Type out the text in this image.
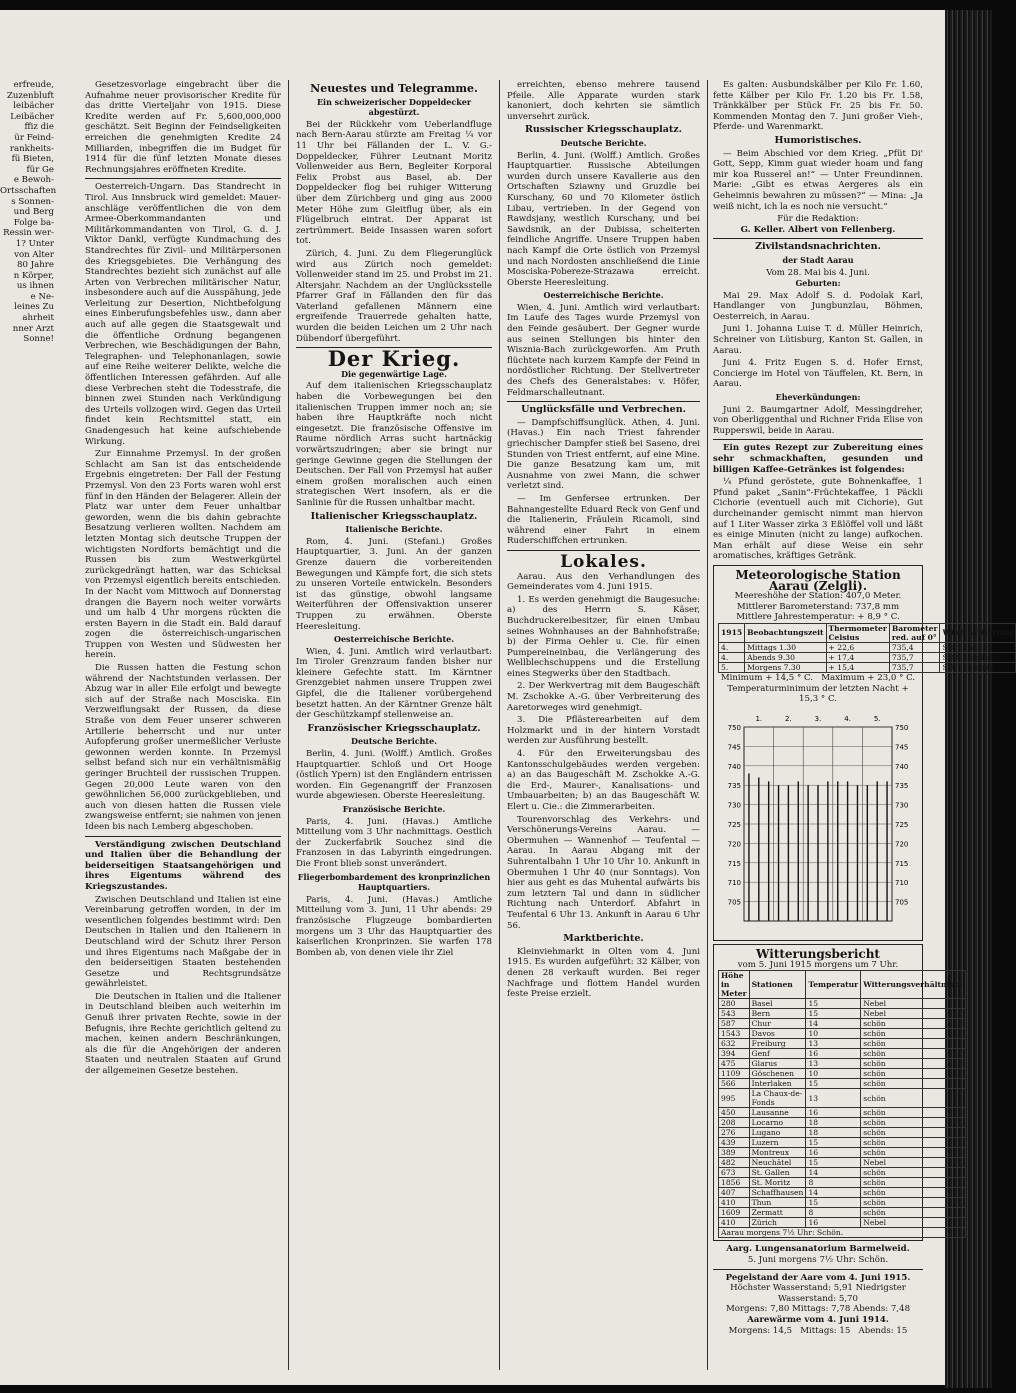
erfreude,
Zuzenbluft
leibächer
Leibächer
ffiz die
ür Feind-
rankheits-
fü Bieten,
für Ge
e Bewoh-
Ortsschaften
s Sonnen-
und Berg
Folge ba-
Ressin wer-
1? Unter
von Alter
80 Jahre
n Körper,
us ihnen
e Ne-
leines Zu
ahrheit
nner Arzt
Sonne!

Gesetzesvorlage eingebracht über die Aufnahme neuer provisorischer Kredite für das dritte Vierteljahr von 1915. Diese Kredite werden auf Fr. 5,600,000,000 geschätzt. Seit Beginn der Feindseligkeiten erreichen die genehmigten Kredite 24 Milliarden, inbegriffen die im Budget für 1914 für die fünf letzten Monate dieses Rechnungsjahres eröffneten Kredite.

Oesterreich-Ungarn. Das Standrecht in Tirol. Aus Innsbruck wird gemeldet: Mauer-anschläge veröffentlichen die von dem Armee-Oberkommandanten und Militärkommandanten von Tirol, G. d. J. Viktor Dankl, verfügte Kundmachung des Standrechtes für Zivil- und Militärpersonen des Kriegsgebietes. Die Verhängung des Standrechtes bezieht sich zunächst auf alle Arten von Verbrechen militärischer Natur, insbesondere auch auf die Ausspähung, jede Verleitung zur Desertion, Nichtbefolgung eines Einberufungsbefehles usw., dann aber auch auf alle gegen die Staatsgewalt und die öffentliche Ordnung begangenen Verbrechen, wie Beschädigungen der Bahn, Telegraphen- und Telephonanlagen, sowie auf eine Reihe weiterer Delikte, welche die öffentlichen Interessen gefährden. Auf alle diese Verbrechen steht die Todesstrafe, die binnen zwei Stunden nach Verkündigung des Urteils vollzogen wird. Gegen das Urteil findet kein Rechtsmittel statt, ein Gnadengesuch hat keine aufschiebende Wirkung.

Zur Einnahme Przemysl. In der großen Schlacht am San ist das entscheidende Ergebnis eingetreten: Der Fall der Festung Przemysl. Von den 23 Forts waren wohl erst fünf in den Händen der Belagerer. Allein der Platz war unter dem Feuer unhaltbar geworden, wenn die bis dahin gebrachte Besatzung verlieren wollten. Nachdem am letzten Montag sich deutsche Truppen der wichtigsten Nordforts bemächtigt und die Russen bis zum Westwerkgürtel zurückgedrängt hatten, war das Schicksal von Przemysl eigentlich bereits entschieden. In der Nacht vom Mittwoch auf Donnerstag drangen die Bayern noch weiter vorwärts und um halb 4 Uhr morgens rückten die ersten Bayern in die Stadt ein. Bald darauf zogen die österreichisch-ungarischen Truppen von Westen und Südwesten her herein.

Die Russen hatten die Festung schon während der Nachtstunden verlassen. Der Abzug war in aller Eile erfolgt und bewegte sich auf der Straße nach Mosciska. Ein Verzweiflungsakt der Russen, da diese Straße von dem Feuer unserer schweren Artillerie beherrscht und nur unter Aufopferung großer unermeßlicher Verluste gewonnen werden konnte. In Przemysl selbst befand sich nur ein verhältnismäßig geringer Bruchteil der russischen Truppen. Gegen 20,000 Leute waren von den gewöhnlichen 56,000 zurückgeblieben, und auch von diesen hatten die Russen viele zwangsweise entfernt; sie nahmen von jenen Ideen bis nach Lemberg abgeschoben.

Verständigung zwischen Deutschland und Italien über die Behandlung der beiderseitigen Staatsangehörigen und ihres Eigentums während des Kriegszustandes.

Zwischen Deutschland und Italien ist eine Vereinbarung getroffen worden, in der im wesentlichen folgendes bestimmt wird: Den Deutschen in Italien und den Italienern in Deutschland wird der Schutz ihrer Person und ihres Eigentums nach Maßgabe der in den beiderseitigen Staaten bestehenden Gesetze und Rechtsgrundsätze gewährleistet.

Die Deutschen in Italien und die Italiener in Deutschland bleiben auch weiterhin im Genuß ihrer privaten Rechte, sowie in der Befugnis, ihre Rechte gerichtlich geltend zu machen, keinen andern Beschränkungen, als die für die Angehörigen der anderen Staaten und neutralen Staaten auf Grund der allgemeinen Gesetze bestehen.

Neuestes und Telegramme.
Ein schweizerischer Doppeldecker abgestürzt.

Bei der Rückkehr vom Ueberlandfluge nach Bern-Aarau stürzte am Freitag ¼ vor 11 Uhr bei Fällanden der L. V. G.-Doppeldecker, Führer Leutnant Moritz Vollenweider aus Bern, Begleiter Korporal Felix Probst aus Basel, ab. Der Doppeldecker flog bei ruhiger Witterung über dem Zürichberg und ging aus 2000 Meter Höhe zum Gleitflug über, als ein Flügelbruch eintrat. Der Apparat ist zertrümmert. Beide Insassen waren sofort tot.

Zürich, 4. Juni. Zu dem Fliegerunglück wird aus Zürich noch gemeldet: Vollenweider stand im 25. und Probst im 21. Altersjahr. Nachdem an der Unglücksstelle Pfarrer Graf in Fällanden den für das Vaterland gefallenen Männern eine ergreifende Trauerrede gehalten hatte, wurden die beiden Leichen um 2 Uhr nach Dübendorf übergeführt.

Der Krieg.
Die gegenwärtige Lage.

Auf dem italienischen Kriegsschauplatz haben die Vorbewegungen bei den italienischen Truppen immer noch an; sie haben ihre Hauptkräfte noch nicht eingesetzt. Die französische Offensive im Raume nördlich Arras sucht hartnäckig vorwärtszudringen; aber sie bringt nur geringe Gewinne gegen die Stellungen der Deutschen. Der Fall von Przemysl hat außer einem großen moralischen auch einen strategischen Wert insofern, als er die Sanlinie für die Russen unhaltbar macht.

Italienischer Kriegsschauplatz.
Italienische Berichte.

Rom, 4. Juni. (Stefani.) Großes Hauptquartier, 3. Juni. An der ganzen Grenze dauern die vorbereitenden Bewegungen und Kämpfe fort, die sich stets zu unseren Vorteile entwickeln. Besonders ist das günstige, obwohl langsame Weiterführen der Offensivaktion unserer Truppen zu erwähnen. Oberste Heeresleitung.

Oesterreichische Berichte.

Wien, 4. Juni. Amtlich wird verlautbart: Im Tiroler Grenzraum fanden bisher nur kleinere Gefechte statt. Im Kärntner Grenzgebiet nahmen unsere Truppen zwei Gipfel, die die Italiener vorübergehend besetzt hatten. An der Kärntner Grenze hält der Geschützkampf stellenweise an.

Französischer Kriegsschauplatz.
Deutsche Berichte.

Berlin, 4. Juni. (Wolff.) Amtlich. Großes Hauptquartier. Schloß und Ort Hooge (östlich Ypern) ist den Engländern entrissen worden. Ein Gegenangriff der Franzosen wurde abgewiesen. Oberste Heeresleitung.

Französische Berichte.

Paris, 4. Juni. (Havas.) Amtliche Mitteilung vom 3 Uhr nachmittags. Oestlich der Zuckerfabrik Souchez sind die Franzosen in das Labyrinth eingedrungen. Die Front blieb sonst unverändert.

Fliegerbombardement des kronprinzlichen Hauptquartiers.

Paris, 4. Juni. (Havas.) Amtliche Mitteilung vom 3. Juni, 11 Uhr abends: 29 französische Flugzeuge bombardierten morgens um 3 Uhr das Hauptquartier des kaiserlichen Kronprinzen. Sie warfen 178 Bomben ab, von denen viele ihr Ziel

erreichten, ebenso mehrere tausend Pfeile. Alle Apparate wurden stark kanoniert, doch kehrten sie sämtlich unversehrt zurück.

Russischer Kriegsschauplatz.
Deutsche Berichte.

Berlin, 4. Juni. (Wolff.) Amtlich. Großes Hauptquartier. Russische Abteilungen wurden durch unsere Kavallerie aus den Ortschaften Sziawny und Gruzdle bei Kurschany, 60 und 70 Kilometer östlich Libau, vertrieben. In der Gegend von Rawdsjany, westlich Kurschany, und bei Sawdsnik, an der Dubissa, scheiterten feindliche Angriffe. Unsere Truppen haben nach Kampf die Orte östlich von Przemysl und nach Nordosten anschließend die Linie Mosciska-Pobereze-Strazawa erreicht. Oberste Heeresleitung.

Oesterreichische Berichte.

Wien, 4. Juni. Amtlich wird verlautbart: Im Laufe des Tages wurde Przemysl von den Feinde gesäubert. Der Gegner wurde aus seinen Stellungen bis hinter den Wisznia-Bach zurückgeworfen. Am Pruth flüchtete nach kurzem Kampfe der Feind in nordöstlicher Richtung. Der Stellvertreter des Chefs des Generalstabes: v. Höfer, Feldmarschalleutnant.

Unglücksfälle und Verbrechen.

— Dampfschiffsunglück. Athen, 4. Juni. (Havas.) Ein nach Triest fahrender griechischer Dampfer stieß bei Saseno, drei Stunden von Triest entfernt, auf eine Mine. Die ganze Besatzung kam um, mit Ausnahme von zwei Mann, die schwer verletzt sind.

— Im Genfersee ertrunken. Der Bahnangestellte Eduard Reck von Genf und die Italienerin, Fräulein Ricamoli, sind während einer Fahrt in einem Ruderschiffchen ertrunken.

Lokales.

Aarau. Aus den Verhandlungen des Gemeinderates vom 4. Juni 1915.

1. Es werden genehmigt die Baugesuche: a) des Herrn S. Käser, Buchdruckereibesitzer, für einen Umbau seines Wohnhauses an der Bahnhofstraße; b) der Firma Oehler u. Cie. für einen Pumpereineinbau, die Verlängerung des Wellblechschuppens und die Erstellung eines Stegwerks über den Stadtbach.

2. Der Werkvertrag mit dem Baugeschäft M. Zschokke A.-G. über Verbreiterung des Aaretorweges wird genehmigt.

3. Die Pflästerearbeiten auf dem Holzmarkt und in der hintern Vorstadt werden zur Ausführung bestellt.

4. Für den Erweiterungsbau des Kantonsschulgebäudes werden vergeben: a) an das Baugeschäft M. Zschokke A.-G. die Erd-, Maurer-, Kanalisations- und Umbauarbeiten; b) an das Baugeschäft W. Elert u. Cie.: die Zimmerarbeiten.

Tourenvorschlag des Verkehrs- und Verschönerungs-Vereins Aarau. — Obermuhen — Wannenhof — Teufental — Aarau. In Aarau Abgang mit der Suhrentalbahn 1 Uhr 10 Uhr 10. Ankunft in Obermuhen 1 Uhr 40 (nur Sonntags). Von hier aus geht es das Muhental aufwärts bis zum letztern Tal und dann in südlicher Richtung nach Unterdorf. Abfahrt in Teufental 6 Uhr 13. Ankunft in Aarau 6 Uhr 56.

Marktberichte.

Kleinviehmarkt in Olten vom 4. Juni 1915. Es wurden aufgeführt: 32 Kälber, von denen 28 verkauft wurden. Bei reger Nachfrage und flottem Handel wurden feste Preise erzielt.

Es galten: Ausbundskälber per Kilo Fr. 1.60, fette Kälber per Kilo Fr. 1.20 bis Fr. 1.58, Tränkkälber per Stück Fr. 25 bis Fr. 50. Kommenden Montag den 7. Juni großer Vieh-, Pferde- und Warenmarkt.

Humoristisches.

— Beim Abschied vor dem Krieg. „Pfüt Di' Gott, Sepp, Kimm guat wieder hoam und fang mir koa Russerel an!“ — Unter Freundinnen. Marie: „Gibt es etwas Aergeres als ein Geheimnis bewahren zu müssen?“ — Mina: „Ja weiß nicht, ich la es noch nie versucht.“

Für die Redaktion:
G. Keller. Albert von Fellenberg.
Zivilstandsnachrichten.
der Stadt Aarau
Vom 28. Mai bis 4. Juni.
Geburten:

Mai 29. Max Adolf S. d. Podolak Karl, Handlanger von Jungbunzlau, Böhmen, Oesterreich, in Aarau.

Juni 1. Johanna Luise T. d. Müller Heinrich, Schreiner von Lütisburg, Kanton St. Gallen, in Aarau.

Juni 4. Fritz Eugen S. d. Hofer Ernst, Concierge im Hotel von Täuffelen, Kt. Bern, in Aarau.

Eheverkündungen:

Juni 2. Baumgartner Adolf, Messingdreher, von Oberliggenthal und Richner Frida Elise von Rupperswil, beide in Aarau.

Ein gutes Rezept zur Zubereitung eines sehr schmackhaften, gesunden und billigen Kaffee-Getränkes ist folgendes:

¼ Pfund geröstete, gute Bohnenkaffee, 1 Pfund paket „Sanin“-Früchtekaffee, 1 Päckli Cichorie (eventuell auch mit Cichorie), Gut durcheinander gemischt nimmt man hiervon auf 1 Liter Wasser zirka 3 Eßlöffel voll und läßt es einige Minuten (nicht zu lange) aufkochen. Man erhält auf diese Weise ein sehr aromatisches, kräftiges Getränk.

Meteorologische Station Aarau (Zelgli).
Meereshöhe der Station: 407,0 Meter.
Mittlerer Barometerstand: 737,8 mm
Mittlere Jahrestemperatur: + 8,9 ° C.
1915	Beobachtungszeit	Thermometer Celsius	Barometer red. auf 0°	Wind	Witterung
4.	Mittags 1.30	+ 22,6	735,4	SO 1	schön
4.	Abends 9.30	+ 17,4	735,7	SO 0	bedeckt
5.	Morgens 7.30	+ 15,4	735,7	SO 1	neblig
Minimum + 14,5 ° C. Maximum + 23,0 ° C.
Temperaturminimum der letzten Nacht + 15,3 ° C.
750	750
745	745
740	740
735	735
730	730
725	725
720	720
715	715
710	710
705	705
1.	2.	3.	4.	5.
Witterungsbericht
vom 5. Juni 1915 morgens um 7 Uhr.
Höhe in Meter	Stationen	Temperatur	Witterungsverhältnisse
280	Basel	15	Nebel
543	Bern	15	Nebel
587	Chur	14	schön
1543	Davos	10	schön
632	Freiburg	13	schön
394	Genf	16	schön
475	Glarus	13	schön
1109	Göschenen	10	schön
566	Interlaken	15	schön
995	La Chaux-de-Fonds	13	schön
450	Lausanne	16	schön
208	Locarno	18	schön
276	Lugano	18	schön
439	Luzern	15	schön
389	Montreux	16	schön
482	Neuchâtel	15	Nebel
673	St. Gallen	14	schön
1856	St. Moritz	8	schön
407	Schaffhausen	14	schön
410	Thun	15	schön
1609	Zermatt	8	schön
410	Zürich	16	Nebel
Aarau morgens 7½ Uhr: Schön.			
Aarg. Lungensanatorium Barmelweid.
5. Juni morgens 7½ Uhr: Schön.
Pegelstand der Aare vom 4. Juni 1915.
Höchster Wasserstand: 5,91 Niedrigster Wasserstand: 5,70
Morgens: 7,80 Mittags: 7,78 Abends: 7,48
Aarewärme vom 4. Juni 1914.
Morgens: 14,5 Mittags: 15 Abends: 15
